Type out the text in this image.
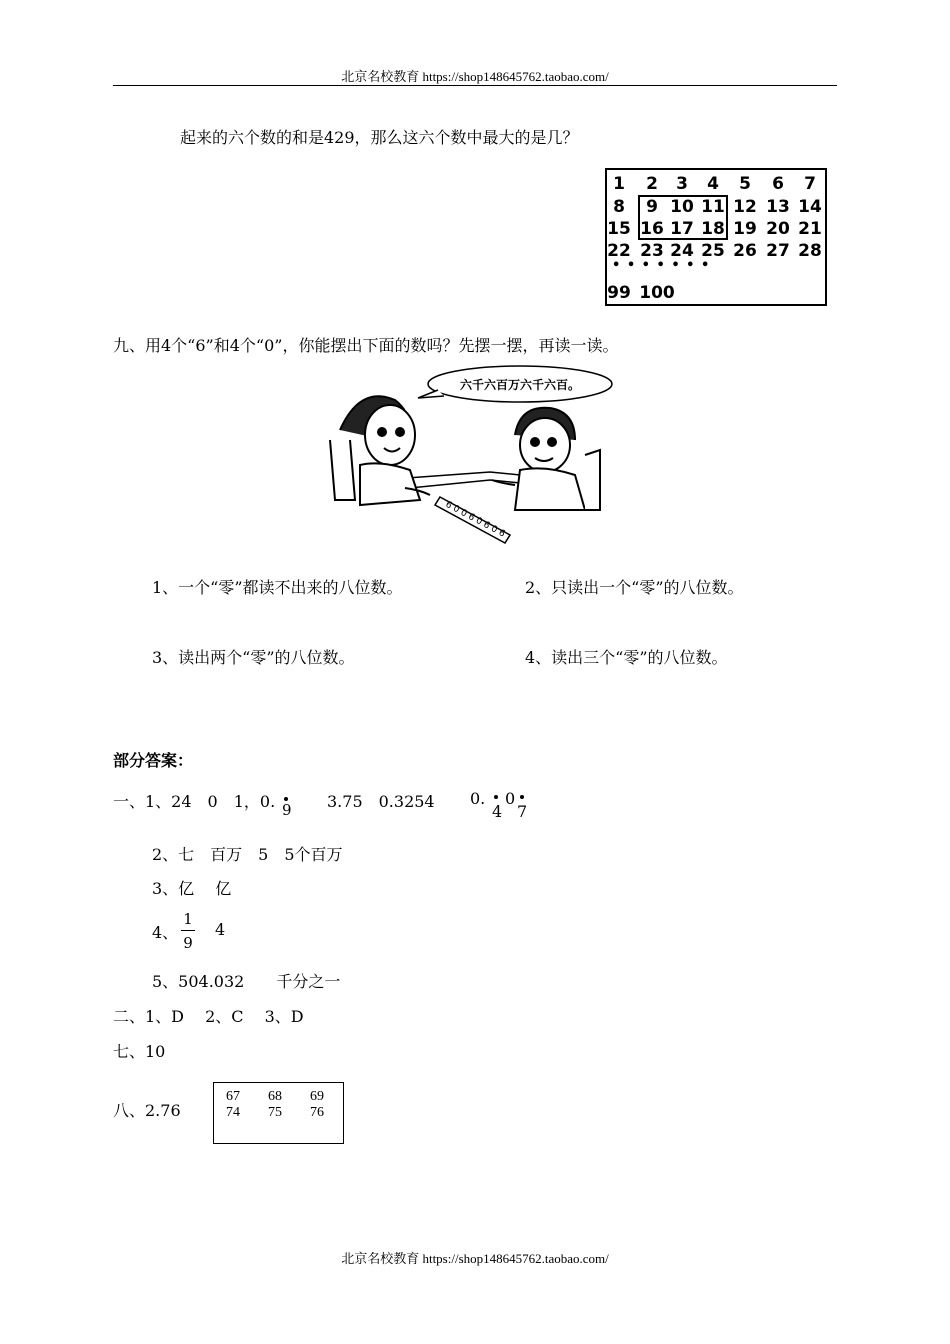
北京名校教育 https://shop148645762.taobao.com/
起来的六个数的和是429，那么这六个数中最大的是几？
1	2	3	4	5	6	7
8	9 10 11 12 13 14
15 16 17 18 19 20 21
22 23 24 25 26 27 28
• • • • • • •
99 100
九、用4个“6”和4个“0”，你能摆出下面的数吗？先摆一摆，再读一读。
六千六百万六千六百。
6 0 0 6 0 6 0 6
1、一个“零”都读不出来的八位数。	2、只读出一个“零”的八位数。
3、读出两个“零”的八位数。	4、读出三个“零”的八位数。
部分答案：
一、1、24　0　1，0. 9 3.75　0.3254 0.
4
0
7
2、七　百万　5　5个百万
3、亿　 亿
4、
1
9
4
5、504.032　　千分之一
二、1、D　 2、C　 3、D
七、10
八、2.76
67 68 69
74 75 76
北京名校教育 https://shop148645762.taobao.com/
